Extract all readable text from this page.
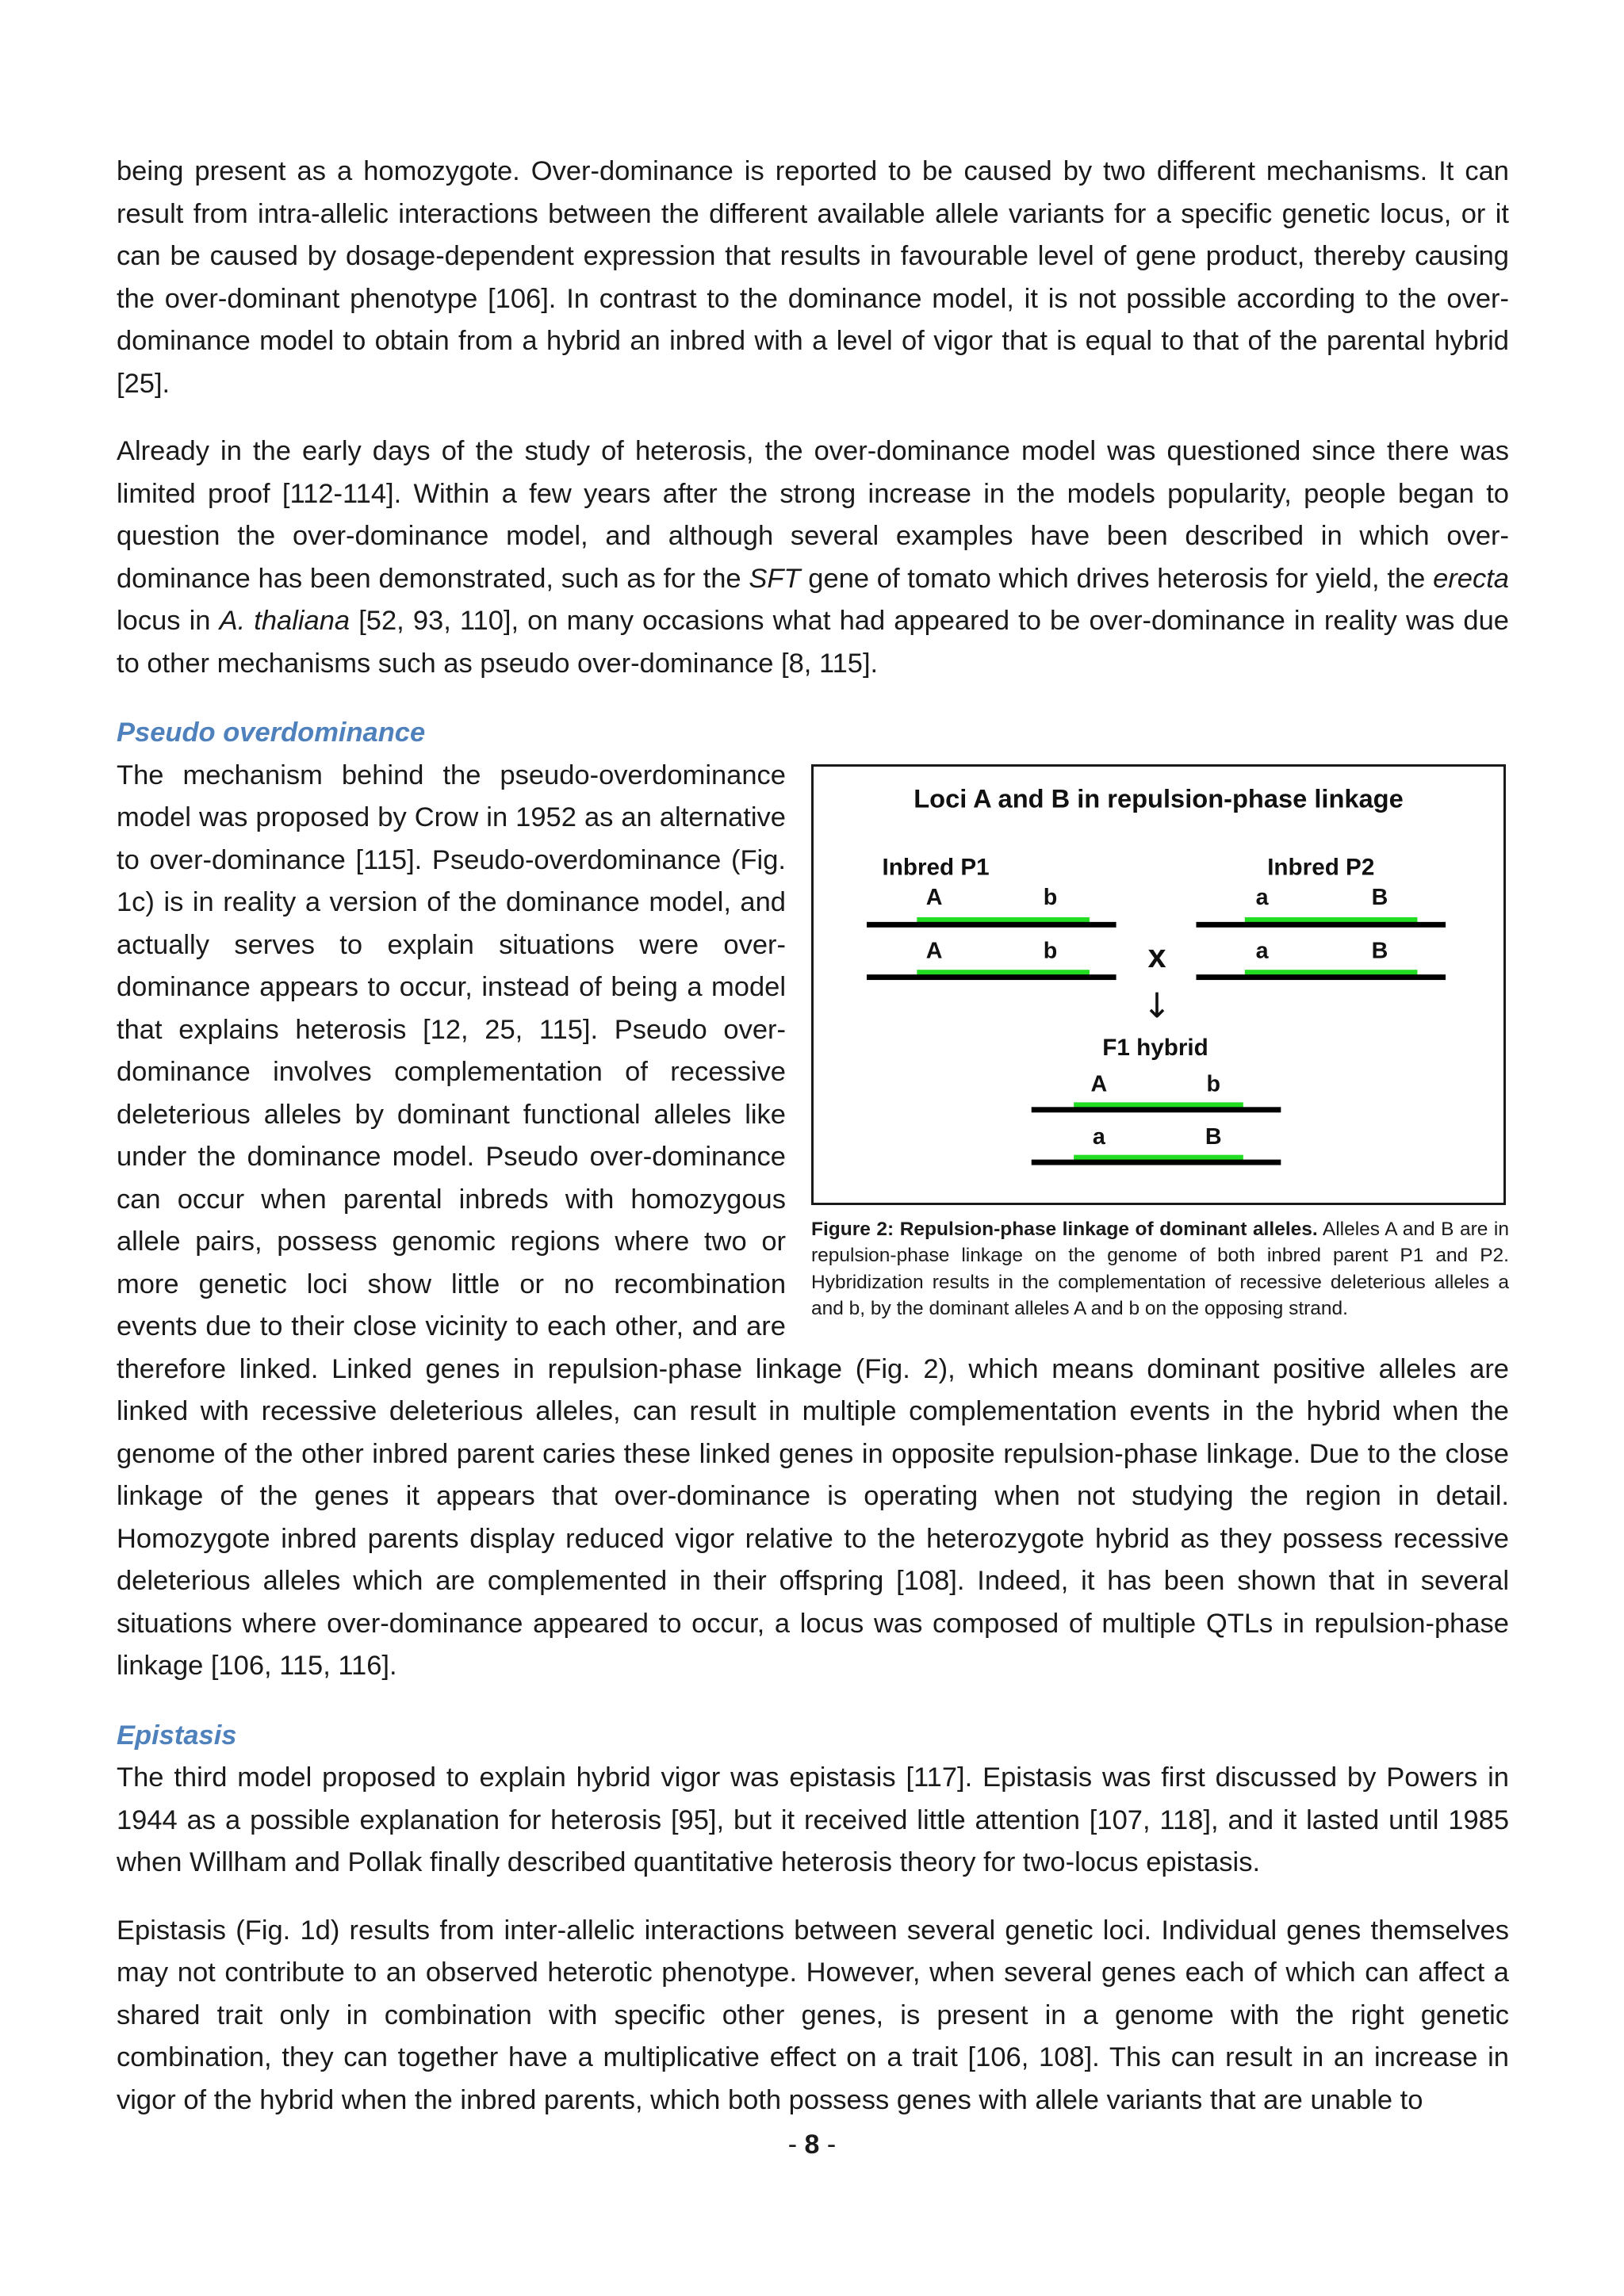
being present as a homozygote. Over-dominance is reported to be caused by two different mechanisms. It can result from intra-allelic interactions between the different available allele variants for a specific genetic locus, or it can be caused by dosage-dependent expression that results in favourable level of gene product, thereby causing the over-dominant phenotype [106]. In contrast to the dominance model, it is not possible according to the over-dominance model to obtain from a hybrid an inbred with a level of vigor that is equal to that of the parental hybrid [25].

Already in the early days of the study of heterosis, the over-dominance model was questioned since there was limited proof [112-114]. Within a few years after the strong increase in the models popularity, people began to question the over-dominance model, and although several examples have been described in which over-dominance has been demonstrated, such as for the SFT gene of tomato which drives heterosis for yield, the erecta locus in A. thaliana [52, 93, 110], on many occasions what had appeared to be over-dominance in reality was due to other mechanisms such as pseudo over-dominance [8, 115].

Pseudo overdominance
Loci A and B in repulsion-phase linkage
Inbred P1	Inbred P2
A	b
A	b
a	B
a	B
x
↓
F1 hybrid
A	b
a	B
Figure 2: Repulsion-phase linkage of dominant alleles. Alleles A and B are in repulsion-phase linkage on the genome of both inbred parent P1 and P2. Hybridization results in the complementation of recessive deleterious alleles a and b, by the dominant alleles A and b on the opposing strand.

The mechanism behind the pseudo-overdominance model was proposed by Crow in 1952 as an alternative to over-dominance [115]. Pseudo-overdominance (Fig. 1c) is in reality a version of the dominance model, and actually serves to explain situations were over-dominance appears to occur, instead of being a model that explains heterosis [12, 25, 115]. Pseudo over-dominance involves complementation of recessive deleterious alleles by dominant functional alleles like under the dominance model. Pseudo over-dominance can occur when parental inbreds with homozygous allele pairs, possess genomic regions where two or more genetic loci show little or no recombination events due to their close vicinity to each other, and are therefore linked. Linked genes in repulsion-phase linkage (Fig. 2), which means dominant positive alleles are linked with recessive deleterious alleles, can result in multiple complementation events in the hybrid when the genome of the other inbred parent caries these linked genes in opposite repulsion-phase linkage. Due to the close linkage of the genes it appears that over-dominance is operating when not studying the region in detail. Homozygote inbred parents display reduced vigor relative to the heterozygote hybrid as they possess recessive deleterious alleles which are complemented in their offspring [108]. Indeed, it has been shown that in several situations where over-dominance appeared to occur, a locus was composed of multiple QTLs in repulsion-phase linkage [106, 115, 116].

Epistasis

The third model proposed to explain hybrid vigor was epistasis [117]. Epistasis was first discussed by Powers in 1944 as a possible explanation for heterosis [95], but it received little attention [107, 118], and it lasted until 1985 when Willham and Pollak finally described quantitative heterosis theory for two-locus epistasis.

Epistasis (Fig. 1d) results from inter-allelic interactions between several genetic loci. Individual genes themselves may not contribute to an observed heterotic phenotype. However, when several genes each of which can affect a shared trait only in combination with specific other genes, is present in a genome with the right genetic combination, they can together have a multiplicative effect on a trait [106, 108]. This can result in an increase in vigor of the hybrid when the inbred parents, which both possess genes with allele variants that are unable to

- 8 -
